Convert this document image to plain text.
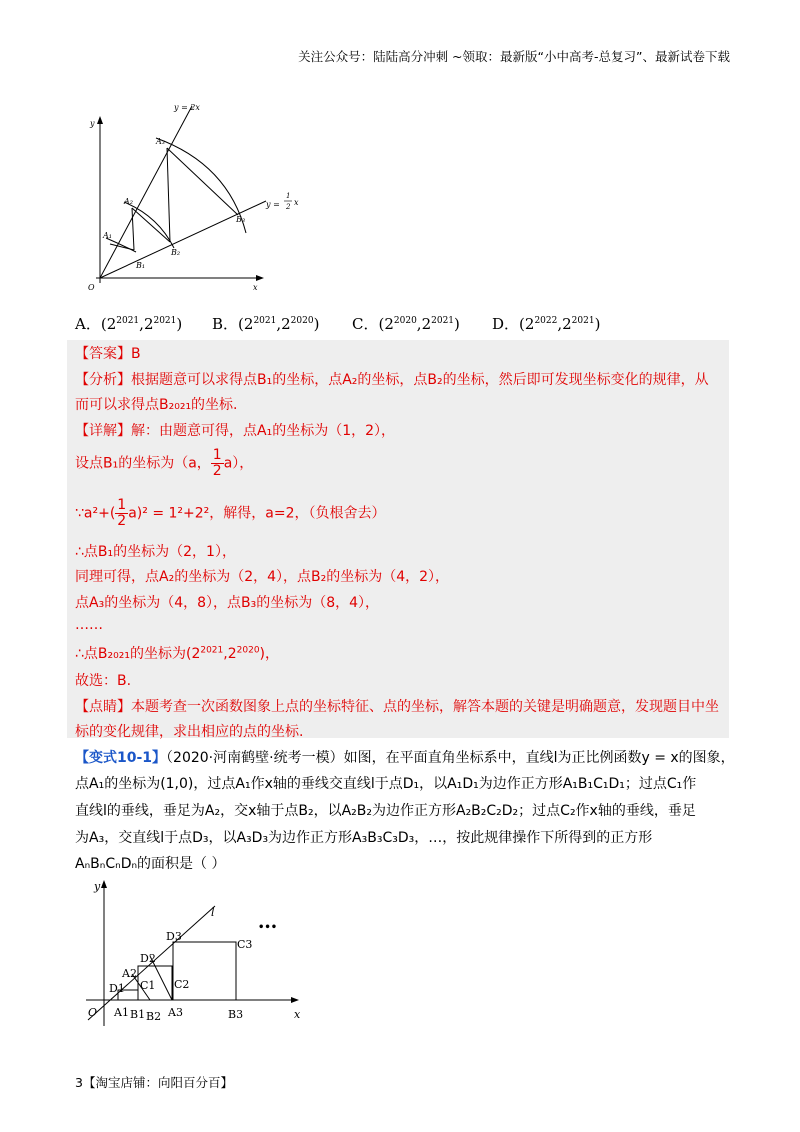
关注公众号：陆陆高分冲刺 ~领取：最新版“小中高考-总复习”、最新试卷下载
y
x
O
y = 2x
y =
1
2 x
A₁
A₂
A₃
B₁
B₂
B₃
A．$(2^{2021},2^{2021})$ B．$(2^{2021},2^{2020})$ C．$(2^{2020},2^{2021})$ D．$(2^{2022},2^{2021})$
【答案】B
【分析】根据题意可以求得点B₁的坐标，点A₂的坐标，点B₂的坐标，然后即可发现坐标变化的规律，从
而可以求得点B₂₀₂₁的坐标.
【详解】解：由题意可得，点A₁的坐标为（1，2），
设点B₁的坐标为（a， $\frac{1}{2} a$），
∵a²+( $\frac{1}{2} a)^2 = 1^2+2^2$，解得，a=2，（负根舍去）
∴点B₁的坐标为（2，1），
同理可得，点A₂的坐标为（2，4），点B₂的坐标为（4，2），
点A₃的坐标为（4，8），点B₃的坐标为（8，4），
……
∴点B₂₀₂₁的坐标为$(2^{2021},2^{2020})$，
故选：B.
【点睛】本题考查一次函数图象上点的坐标特征、点的坐标，解答本题的关键是明确题意，发现题目中坐
标的变化规律，求出相应的点的坐标.
【变式10-1】（2020·河南鹤壁·统考一模）如图，在平面直角坐标系中，直线l为正比例函数y = x的图象，
点A₁的坐标为(1,0)，过点A₁作x轴的垂线交直线l于点D₁，以A₁D₁为边作正方形A₁B₁C₁D₁；过点C₁作
直线l的垂线，垂足为A₂，交x轴于点B₂，以A₂B₂为边作正方形A₂B₂C₂D₂；过点C₂作x轴的垂线，垂足
为A₃，交直线l于点D₃，以A₃D₃为边作正方形A₃B₃C₃D₃，…，按此规律操作下所得到的正方形
AₙBₙCₙDₙ的面积是（ ）
y
x
O
l
•••
D1 C1
A2
D2
C2
D3
C3
A1 B1 B2 A3	B3
3【淘宝店铺：向阳百分百】
